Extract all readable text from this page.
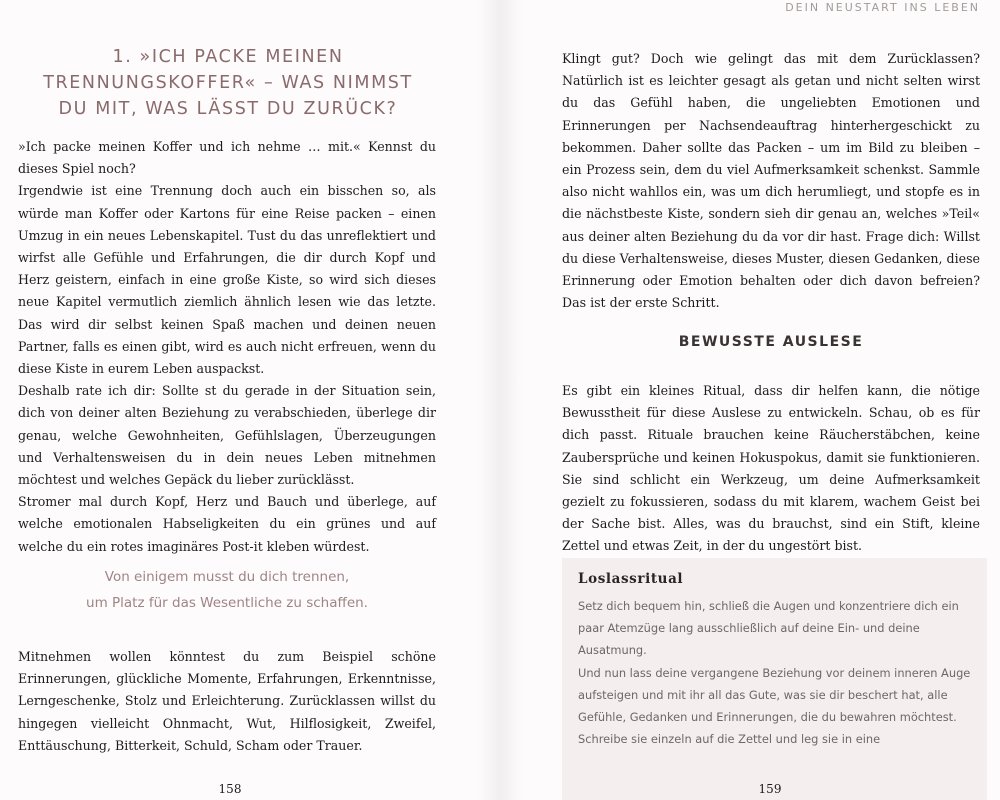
1. »ICH PACKE MEINEN
TRENNUNGSKOFFER« – WAS NIMMST
DU MIT, WAS LÄSST DU ZURÜCK?

»Ich packe meinen Koffer und ich nehme … mit.« Kennst du dieses Spiel noch?

Irgendwie ist eine Trennung doch auch ein bisschen so, als würde man Koffer oder Kartons für eine Reise packen – einen Umzug in ein neues Lebenskapitel. Tust du das unreflektiert und wirfst alle Gefühle und Erfahrungen, die dir durch Kopf und Herz geistern, einfach in eine große Kiste, so wird sich dieses neue Kapitel vermutlich ziemlich ähnlich lesen wie das letzte. Das wird dir selbst keinen Spaß machen und deinen neuen Partner, falls es einen gibt, wird es auch nicht erfreuen, wenn du diese Kiste in eurem Leben auspackst.

Deshalb rate ich dir: Sollte st du gerade in der Situation sein, dich von deiner alten Beziehung zu verabschieden, überlege dir genau, welche Gewohnheiten, Gefühlslagen, Überzeugungen und Verhaltensweisen du in dein neues Leben mitnehmen möchtest und welches Gepäck du lieber zurücklässt.

Stromer mal durch Kopf, Herz und Bauch und überlege, auf welche emotionalen Habseligkeiten du ein grünes und auf welche du ein rotes imaginäres Post-it kleben würdest.

Von einigem musst du dich trennen,
um Platz für das Wesentliche zu schaffen.

Mitnehmen wollen könntest du zum Beispiel schöne Erinnerungen, glückliche Momente, Erfahrungen, Erkenntnisse, Lerngeschenke, Stolz und Erleichterung. Zurücklassen willst du hingegen vielleicht Ohnmacht, Wut, Hilflosigkeit, Zweifel, Enttäuschung, Bitterkeit, Schuld, Scham oder Trauer.

158
DEIN NEUSTART INS LEBEN

Klingt gut? Doch wie gelingt das mit dem Zurücklassen? Natürlich ist es leichter gesagt als getan und nicht selten wirst du das Gefühl haben, die ungeliebten Emotionen und Erinnerungen per Nachsendeauftrag hinterhergeschickt zu bekommen. Daher sollte das Packen – um im Bild zu bleiben – ein Prozess sein, dem du viel Aufmerksamkeit schenkst. Sammle also nicht wahllos ein, was um dich herumliegt, und stopfe es in die nächstbeste Kiste, sondern sieh dir genau an, welches »Teil« aus deiner alten Beziehung du da vor dir hast. Frage dich: Willst du diese Verhaltensweise, dieses Muster, diesen Gedanken, diese Erinnerung oder Emotion behalten oder dich davon befreien? Das ist der erste Schritt.

BEWUSSTE AUSLESE

Es gibt ein kleines Ritual, dass dir helfen kann, die nötige Bewusstheit für diese Auslese zu entwickeln. Schau, ob es für dich passt. Rituale brauchen keine Räucherstäbchen, keine Zaubersprüche und keinen Hokuspokus, damit sie funktionieren. Sie sind schlicht ein Werkzeug, um deine Aufmerksamkeit gezielt zu fokussieren, sodass du mit klarem, wachem Geist bei der Sache bist. Alles, was du brauchst, sind ein Stift, kleine Zettel und etwas Zeit, in der du ungestört bist.

Loslassritual

Setz dich bequem hin, schließ die Augen und konzentriere dich ein paar Atemzüge lang ausschließlich auf deine Ein- und deine Ausatmung.

Und nun lass deine vergangene Beziehung vor deinem inneren Auge aufsteigen und mit ihr all das Gute, was sie dir beschert hat, alle Gefühle, Gedanken und Erinnerungen, die du bewahren möchtest. Schreibe sie einzeln auf die Zettel und leg sie in eine

159
